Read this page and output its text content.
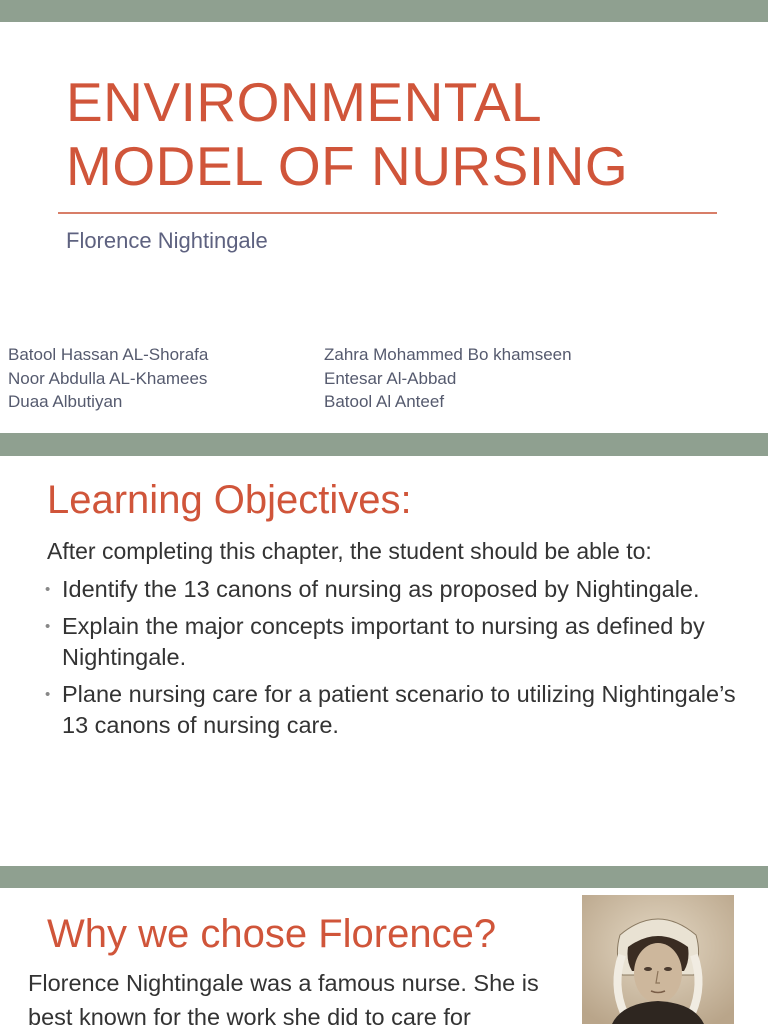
ENVIRONMENTAL
MODEL OF NURSING
Florence Nightingale
Batool Hassan AL-Shorafa
Noor Abdulla AL-Khamees
Duaa Albutiyan
Zahra Mohammed Bo khamseen
Entesar Al-Abbad
Batool Al Anteef
Learning Objectives:
After completing this chapter, the student should be able to:
• Identify the 13 canons of nursing as proposed by Nightingale.
• Explain the major concepts important to nursing as defined by Nightingale.
• Plane nursing care for a patient scenario to utilizing Nightingale’s 13 canons of nursing care.
Why we chose Florence?
Florence Nightingale was a famous nurse. She is best known for the work she did to care for
